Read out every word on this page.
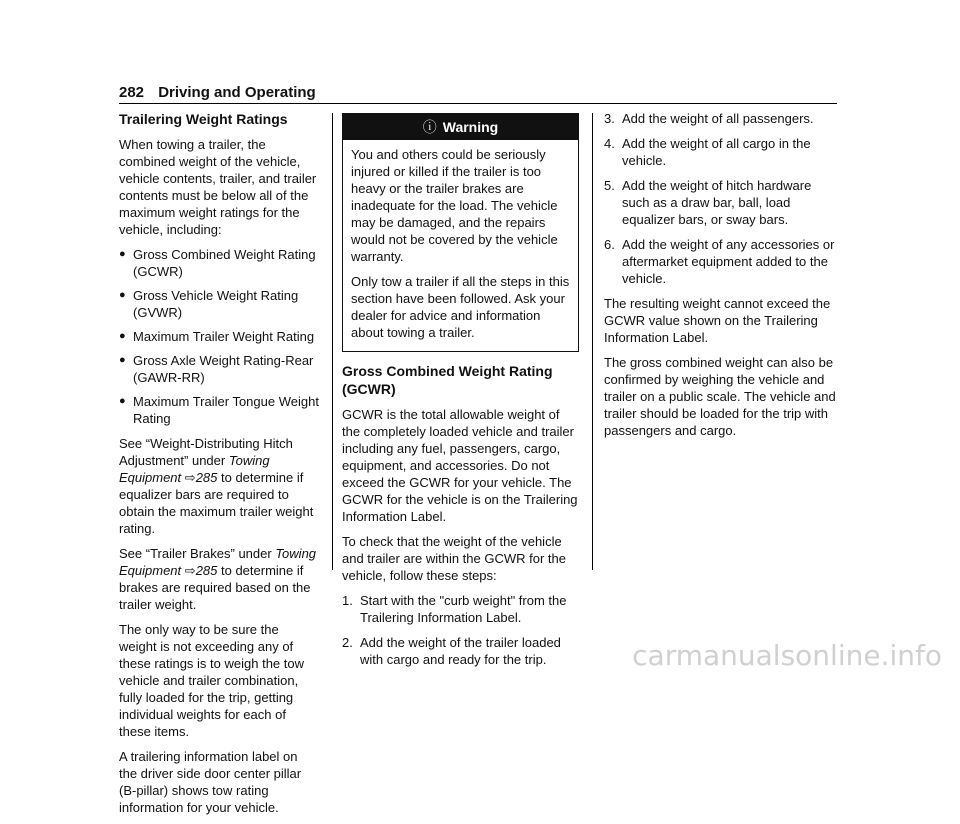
282 Driving and Operating
Trailering Weight Ratings

When towing a trailer, the combined weight of the vehicle, vehicle contents, trailer, and trailer contents must be below all of the maximum weight ratings for the vehicle, including:

● Gross Combined Weight Rating (GCWR)
● Gross Vehicle Weight Rating (GVWR)
● Maximum Trailer Weight Rating
● Gross Axle Weight Rating-Rear (GAWR-RR)
● Maximum Trailer Tongue Weight Rating

See “Weight-Distributing Hitch Adjustment” under Towing Equipment ⇨285 to determine if equalizer bars are required to obtain the maximum trailer weight rating.

See “Trailer Brakes” under Towing Equipment ⇨285 to determine if brakes are required based on the trailer weight.

The only way to be sure the weight is not exceeding any of these ratings is to weigh the tow vehicle and trailer combination, fully loaded for the trip, getting individual weights for each of these items.

A trailering information label on the driver side door center pillar (B-pillar) shows tow rating information for your vehicle.

ⓘ Warning

You and others could be seriously injured or killed if the trailer is too heavy or the trailer brakes are inadequate for the load. The vehicle may be damaged, and the repairs would not be covered by the vehicle warranty.

Only tow a trailer if all the steps in this section have been followed. Ask your dealer for advice and information about towing a trailer.

Gross Combined Weight Rating (GCWR)

GCWR is the total allowable weight of the completely loaded vehicle and trailer including any fuel, passengers, cargo, equipment, and accessories. Do not exceed the GCWR for your vehicle. The GCWR for the vehicle is on the Trailering Information Label.

To check that the weight of the vehicle and trailer are within the GCWR for the vehicle, follow these steps:

1. Start with the "curb weight" from the Trailering Information Label.
2. Add the weight of the trailer loaded with cargo and ready for the trip.
3. Add the weight of all passengers.
4. Add the weight of all cargo in the vehicle.
5. Add the weight of hitch hardware such as a draw bar, ball, load equalizer bars, or sway bars.
6. Add the weight of any accessories or aftermarket equipment added to the vehicle.

The resulting weight cannot exceed the GCWR value shown on the Trailering Information Label.

The gross combined weight can also be confirmed by weighing the vehicle and trailer on a public scale. The vehicle and trailer should be loaded for the trip with passengers and cargo.

carmanualsonline.info
